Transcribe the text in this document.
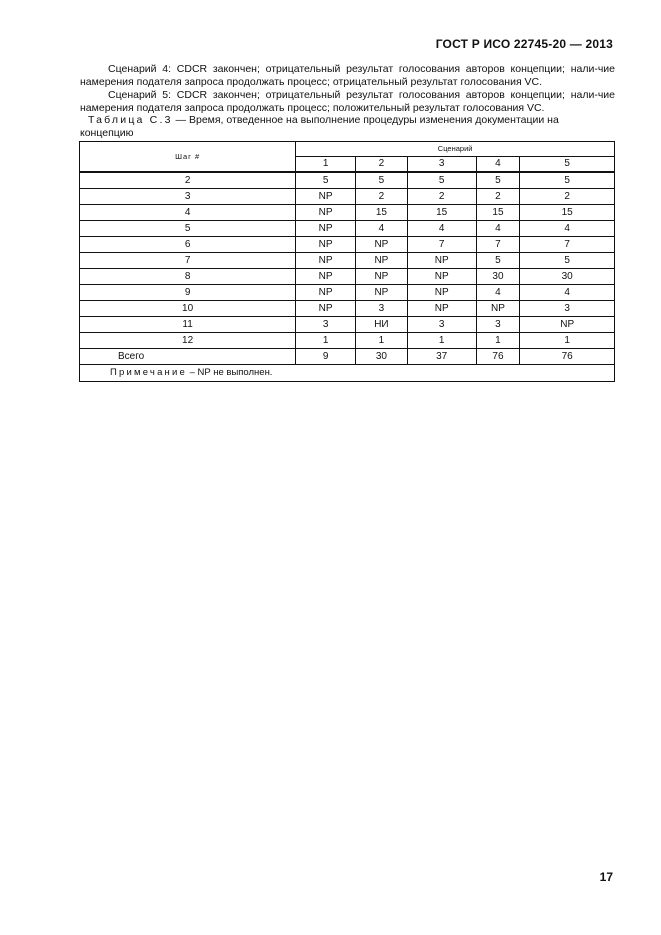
ГОСТ Р ИСО 22745-20 — 2013
Сценарий 4: CDCR закончен; отрицательный результат голосования авторов концепции; нали-чие намерения подателя запроса продолжать процесс; отрицательный результат голосования VC.
Сценарий 5: CDCR закончен; отрицательный результат голосования авторов концепции; нали-чие намерения подателя запроса продолжать процесс; положительный результат голосования VC.
Таблица С.3 — Время, отведенное на выполнение процедуры изменения документации на концепцию
Шаг #	Сценарий				
	1	2	3	4	5
2	5	5	5	5	5
3	NP	2	2	2	2
4	NP	15	15	15	15
5	NP	4	4	4	4
6	NP	NP	7	7	7
7	NP	NP	NP	5	5
8	NP	NP	NP	30	30
9	NP	NP	NP	4	4
10	NP	3	NP	NP	3
11	3	НИ	3	3	NP
12	1	1	1	1	1
Всего	9	30	37	76	76
Примечание – NP не выполнен.					
17
